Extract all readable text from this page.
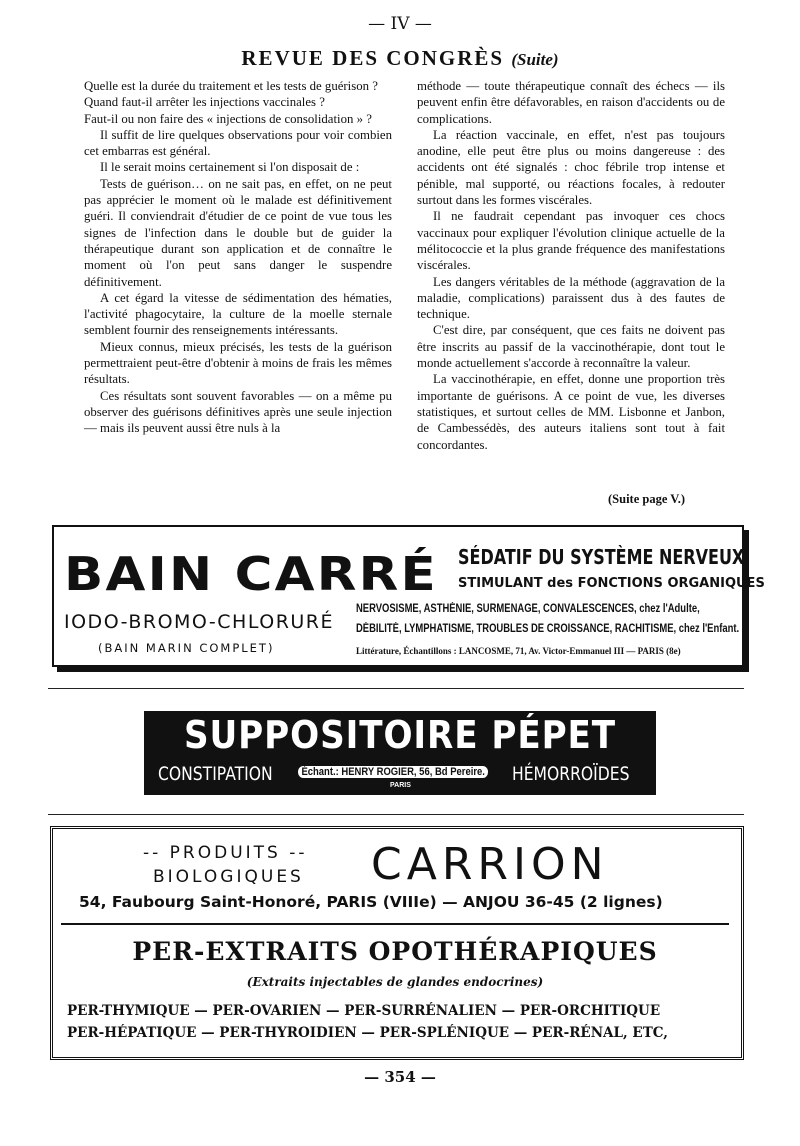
— IV —
REVUE DES CONGRÈS (Suite)

Quelle est la durée du traitement et les tests de guérison ?

Quand faut-il arrêter les injections vaccinales ?

Faut-il ou non faire des « injections de consolidation » ?

Il suffit de lire quelques observations pour voir combien cet embarras est général.

Il le serait moins certainement si l'on disposait de :

Tests de guérison… on ne sait pas, en effet, on ne peut pas apprécier le moment où le malade est définitivement guéri. Il conviendrait d'étudier de ce point de vue tous les signes de l'infection dans le double but de guider la thérapeutique durant son application et de connaître le moment où l'on peut sans danger le suspendre définitivement.

A cet égard la vitesse de sédimentation des hématies, l'activité phagocytaire, la culture de la moelle sternale semblent fournir des renseignements intéressants.

Mieux connus, mieux précisés, les tests de la guérison permettraient peut-être d'obtenir à moins de frais les mêmes résultats.

Ces résultats sont souvent favorables — on a même pu observer des guérisons définitives après une seule injection — mais ils peuvent aussi être nuls à la

méthode — toute thérapeutique connaît des échecs — ils peuvent enfin être défavorables, en raison d'accidents ou de complications.

La réaction vaccinale, en effet, n'est pas toujours anodine, elle peut être plus ou moins dangereuse : des accidents ont été signalés : choc fébrile trop intense et pénible, mal supporté, ou réactions focales, à redouter surtout dans les formes viscérales.

Il ne faudrait cependant pas invoquer ces chocs vaccinaux pour expliquer l'évolution clinique actuelle de la mélitococcie et la plus grande fréquence des manifestations viscérales.

Les dangers véritables de la méthode (aggravation de la maladie, complications) paraissent dus à des fautes de technique.

C'est dire, par conséquent, que ces faits ne doivent pas être inscrits au passif de la vaccinothérapie, dont tout le monde actuellement s'accorde à reconnaître la valeur.

La vaccinothérapie, en effet, donne une proportion très importante de guérisons. A ce point de vue, les diverses statistiques, et surtout celles de MM. Lisbonne et Janbon, de Cambessédès, des auteurs italiens sont tout à fait concordantes.

(Suite page V.)
BAIN CARRÉ
IODO-BROMO-CHLORURÉ
(BAIN MARIN COMPLET)
SÉDATIF DU SYSTÈME NERVEUX
STIMULANT des FONCTIONS ORGANIQUES
NERVOSISME, ASTHÉNIE, SURMENAGE, CONVALESCENCES, chez l'Adulte,
DÉBILITÉ, LYMPHATISME, TROUBLES DE CROISSANCE, RACHITISME, chez l'Enfant.
Littérature, Échantillons : LANCOSME, 71, Av. Victor-Emmanuel III — PARIS (8e)
SUPPOSITOIRE PÉPET
CONSTIPATION	Échant.: HENRY ROGIER, 56, Bd Pereire.
PARIS
HÉMORROÏDES
-- PRODUITS --
BIOLOGIQUES CARRION
54, Faubourg Saint-Honoré, PARIS (VIIIe) — ANJOU 36-45 (2 lignes)
PER-EXTRAITS OPOTHÉRAPIQUES
(Extraits injectables de glandes endocrines)
PER-THYMIQUE — PER-OVARIEN — PER-SURRÉNALIEN — PER-ORCHITIQUE
PER-HÉPATIQUE — PER-THYROIDIEN — PER-SPLÉNIQUE — PER-RÉNAL, ETC,
— 354 —
